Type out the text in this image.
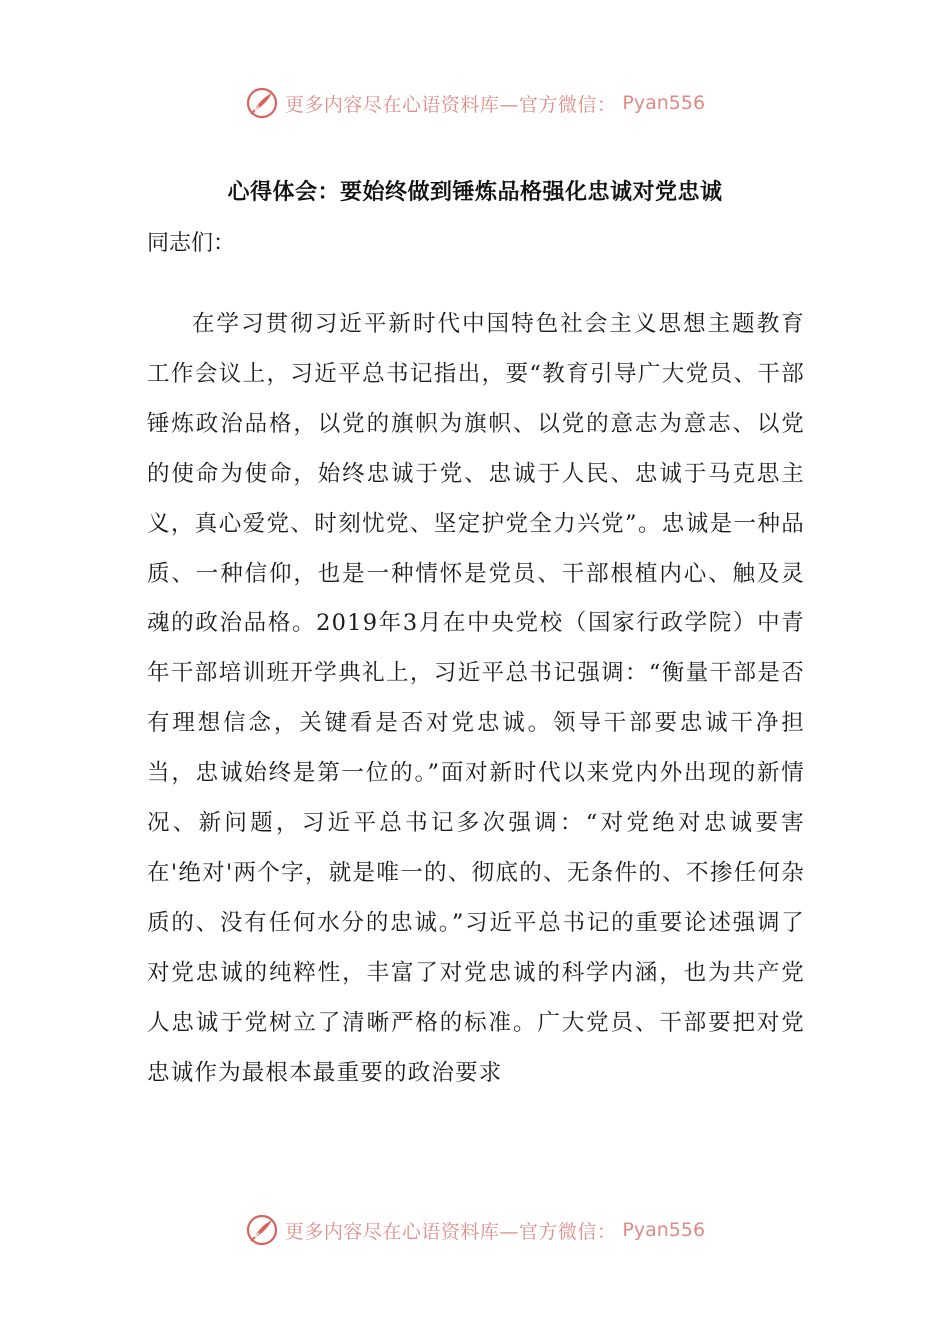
更多内容尽在心语资料库—官方微信： Pyan556
心得体会：要始终做到锤炼品格强化忠诚对党忠诚

同志们：

在学习贯彻习近平新时代中国特色社会主义思想主题教育工作会议上，习近平总书记指出，要“教育引导广大党员、干部锤炼政治品格，以党的旗帜为旗帜、以党的意志为意志、以党的使命为使命，始终忠诚于党、忠诚于人民、忠诚于马克思主义，真心爱党、时刻忧党、坚定护党全力兴党”。忠诚是一种品质、一种信仰，也是一种情怀是党员、干部根植内心、触及灵魂的政治品格。2019年3月在中央党校（国家行政学院）中青年干部培训班开学典礼上，习近平总书记强调：“衡量干部是否有理想信念，关键看是否对党忠诚。领导干部要忠诚干净担当，忠诚始终是第一位的。”面对新时代以来党内外出现的新情况、新问题，习近平总书记多次强调：“对党绝对忠诚要害在'绝对'两个字，就是唯一的、彻底的、无条件的、不掺任何杂质的、没有任何水分的忠诚。”习近平总书记的重要论述强调了对党忠诚的纯粹性，丰富了对党忠诚的科学内涵，也为共产党人忠诚于党树立了清晰严格的标准。广大党员、干部要把对党忠诚作为最根本最重要的政治要求

更多内容尽在心语资料库—官方微信： Pyan556
